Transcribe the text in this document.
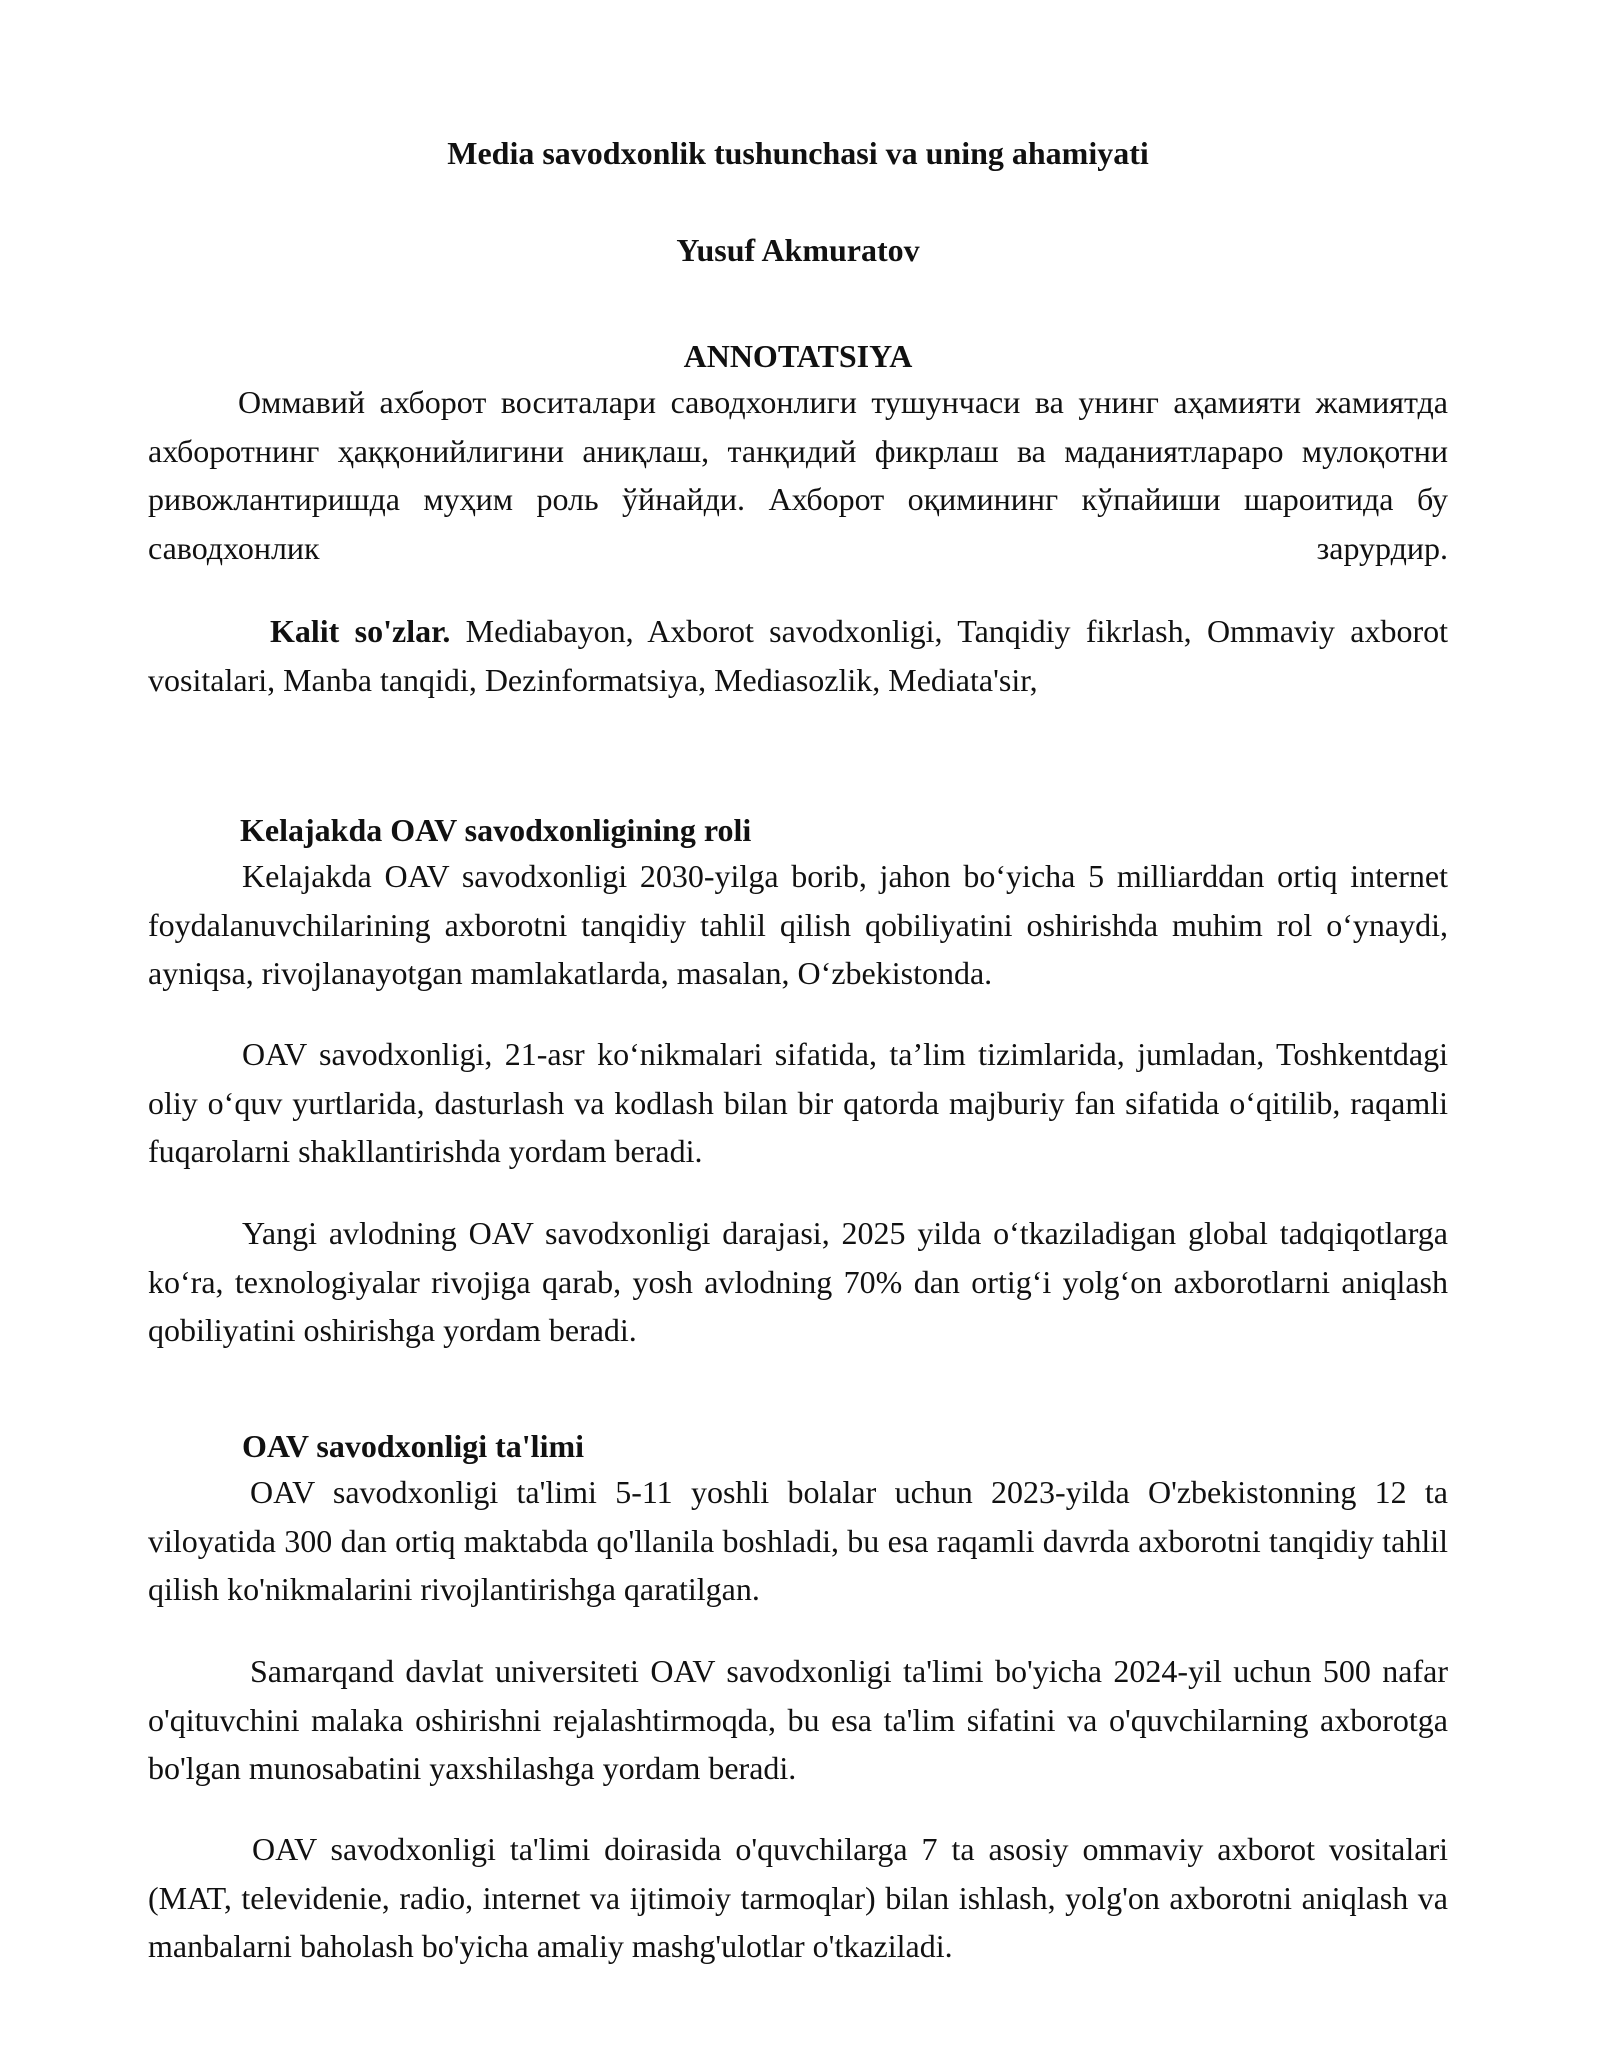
Media savodxonlik tushunchasi va uning ahamiyati
Yusuf Akmuratov
ANNOTATSIYA

Оммавий ахборот воситалари саводхонлиги тушунчаси ва унинг аҳамияти жамиятда ахборотнинг ҳаққонийлигини аниқлаш, танқидий фикрлаш ва маданиятлараро мулоқотни ривожлантиришда муҳим роль ўйнайди. Ахборот оқимининг кўпайиши шароитида бу саводхонлик зарурдир.

Kalit so'zlar. Mediabayon, Axborot savodxonligi, Tanqidiy fikrlash, Ommaviy axborot vositalari, Manba tanqidi, Dezinformatsiya, Mediasozlik, Mediata'sir,

Kelajakda OAV savodxonligining roli

Kelajakda OAV savodxonligi 2030-yilga borib, jahon boʻyicha 5 milliarddan ortiq internet foydalanuvchilarining axborotni tanqidiy tahlil qilish qobiliyatini oshirishda muhim rol oʻynaydi, ayniqsa, rivojlanayotgan mamlakatlarda, masalan, Oʻzbekistonda.

OAV savodxonligi, 21-asr koʻnikmalari sifatida, ta’lim tizimlarida, jumladan, Toshkentdagi oliy oʻquv yurtlarida, dasturlash va kodlash bilan bir qatorda majburiy fan sifatida oʻqitilib, raqamli fuqarolarni shakllantirishda yordam beradi.

Yangi avlodning OAV savodxonligi darajasi, 2025 yilda oʻtkaziladigan global tadqiqotlarga koʻra, texnologiyalar rivojiga qarab, yosh avlodning 70% dan ortigʻi yolgʻon axborotlarni aniqlash qobiliyatini oshirishga yordam beradi.

OAV savodxonligi ta'limi

OAV savodxonligi ta'limi 5-11 yoshli bolalar uchun 2023-yilda O'zbekistonning 12 ta viloyatida 300 dan ortiq maktabda qo'llanila boshladi, bu esa raqamli davrda axborotni tanqidiy tahlil qilish ko'nikmalarini rivojlantirishga qaratilgan.

Samarqand davlat universiteti OAV savodxonligi ta'limi bo'yicha 2024-yil uchun 500 nafar o'qituvchini malaka oshirishni rejalashtirmoqda, bu esa ta'lim sifatini va o'quvchilarning axborotga bo'lgan munosabatini yaxshilashga yordam beradi.

OAV savodxonligi ta'limi doirasida o'quvchilarga 7 ta asosiy ommaviy axborot vositalari (MAT, televidenie, radio, internet va ijtimoiy tarmoqlar) bilan ishlash, yolg'on axborotni aniqlash va manbalarni baholash bo'yicha amaliy mashg'ulotlar o'tkaziladi.
